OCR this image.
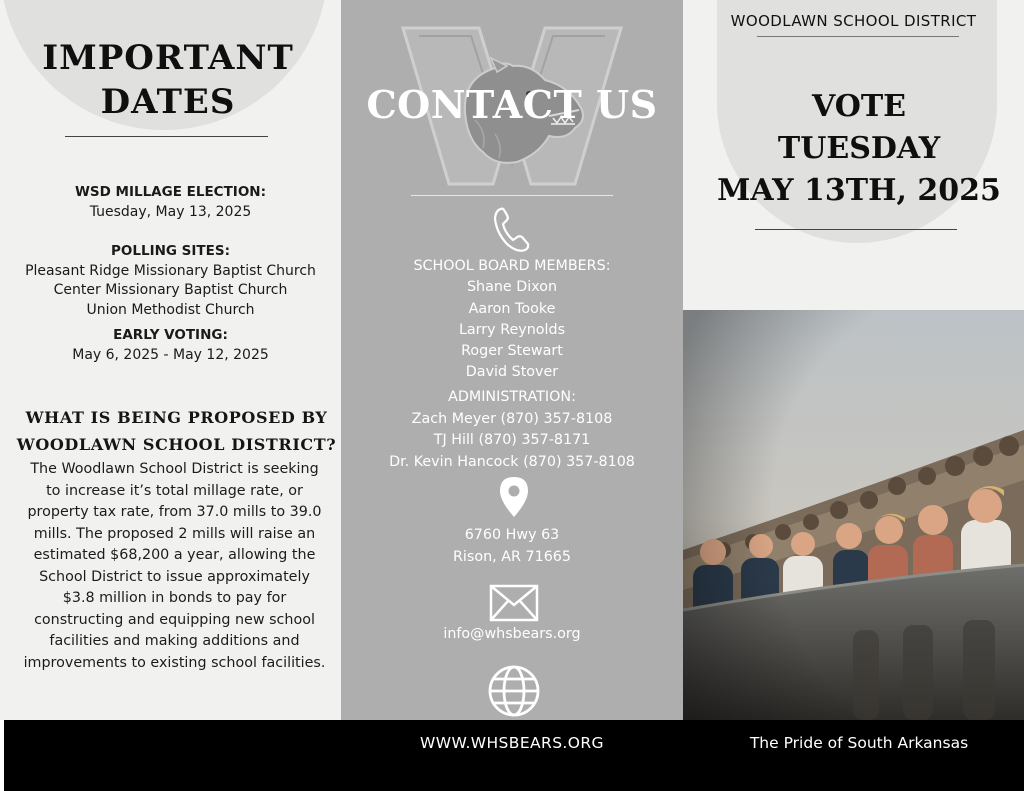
IMPORTANT
DATES
WSD MILLAGE ELECTION:
Tuesday, May 13, 2025
POLLING SITES:
Pleasant Ridge Missionary Baptist Church
Center Missionary Baptist Church
Union Methodist Church
EARLY VOTING:
May 6, 2025 - May 12, 2025
WHAT IS BEING PROPOSED BY
WOODLAWN SCHOOL DISTRICT?

The Woodlawn School District is seeking to increase it’s total millage rate, or property tax rate, from 37.0 mills to 39.0 mills. The proposed 2 mills will raise an estimated $68,200 a year, allowing the School District to issue approximately $3.8 million in bonds to pay for constructing and equipping new school facilities and making additions and improvements to existing school facilities.

CONTACT US
SCHOOL BOARD MEMBERS:
Shane Dixon
Aaron Tooke
Larry Reynolds
Roger Stewart
David Stover
ADMINISTRATION:
Zach Meyer (870) 357-8108
TJ Hill (870) 357-8171
Dr. Kevin Hancock (870) 357-8108
6760 Hwy 63
Rison, AR 71665
info@whsbears.org
WOODLAWN SCHOOL DISTRICT
VOTE
TUESDAY
MAY 13TH, 2025
WWW.WHSBEARS.ORG	The Pride of South Arkansas
